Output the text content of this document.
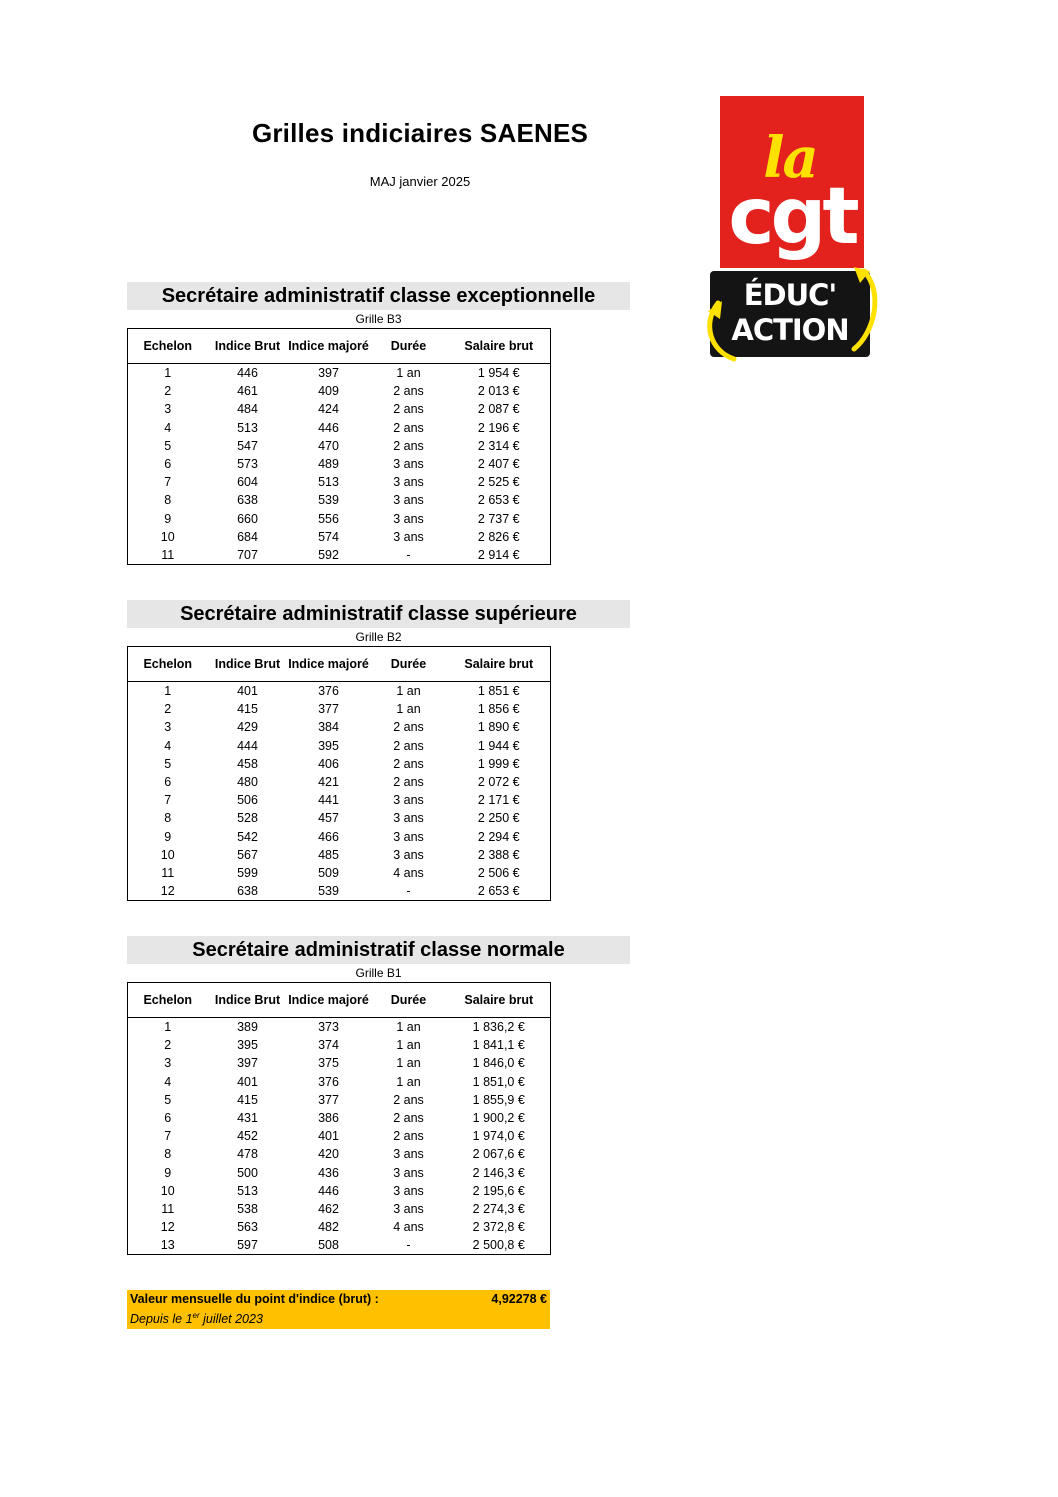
Grilles indiciaires SAENES
MAJ janvier 2025	la
cgt
ÉDUC'
ACTION
Secrétaire administratif classe exceptionnelle
Grille B3
Echelon	Indice Brut	Indice majoré	Durée	Salaire brut
1	446	397	1 an	1 954 €
2	461	409	2 ans	2 013 €
3	484	424	2 ans	2 087 €
4	513	446	2 ans	2 196 €
5	547	470	2 ans	2 314 €
6	573	489	3 ans	2 407 €
7	604	513	3 ans	2 525 €
8	638	539	3 ans	2 653 €
9	660	556	3 ans	2 737 €
10	684	574	3 ans	2 826 €
11	707	592	-	2 914 €
Secrétaire administratif classe supérieure
Grille B2
Echelon	Indice Brut	Indice majoré	Durée	Salaire brut
1	401	376	1 an	1 851 €
2	415	377	1 an	1 856 €
3	429	384	2 ans	1 890 €
4	444	395	2 ans	1 944 €
5	458	406	2 ans	1 999 €
6	480	421	2 ans	2 072 €
7	506	441	3 ans	2 171 €
8	528	457	3 ans	2 250 €
9	542	466	3 ans	2 294 €
10	567	485	3 ans	2 388 €
11	599	509	4 ans	2 506 €
12	638	539	-	2 653 €
Secrétaire administratif classe normale
Grille B1
Echelon	Indice Brut	Indice majoré	Durée	Salaire brut
1	389	373	1 an	1 836,2 €
2	395	374	1 an	1 841,1 €
3	397	375	1 an	1 846,0 €
4	401	376	1 an	1 851,0 €
5	415	377	2 ans	1 855,9 €
6	431	386	2 ans	1 900,2 €
7	452	401	2 ans	1 974,0 €
8	478	420	3 ans	2 067,6 €
9	500	436	3 ans	2 146,3 €
10	513	446	3 ans	2 195,6 €
11	538	462	3 ans	2 274,3 €
12	563	482	4 ans	2 372,8 €
13	597	508	-	2 500,8 €
Valeur mensuelle du point d'indice (brut) :	4,92278 €
Depuis le 1er juillet 2023
